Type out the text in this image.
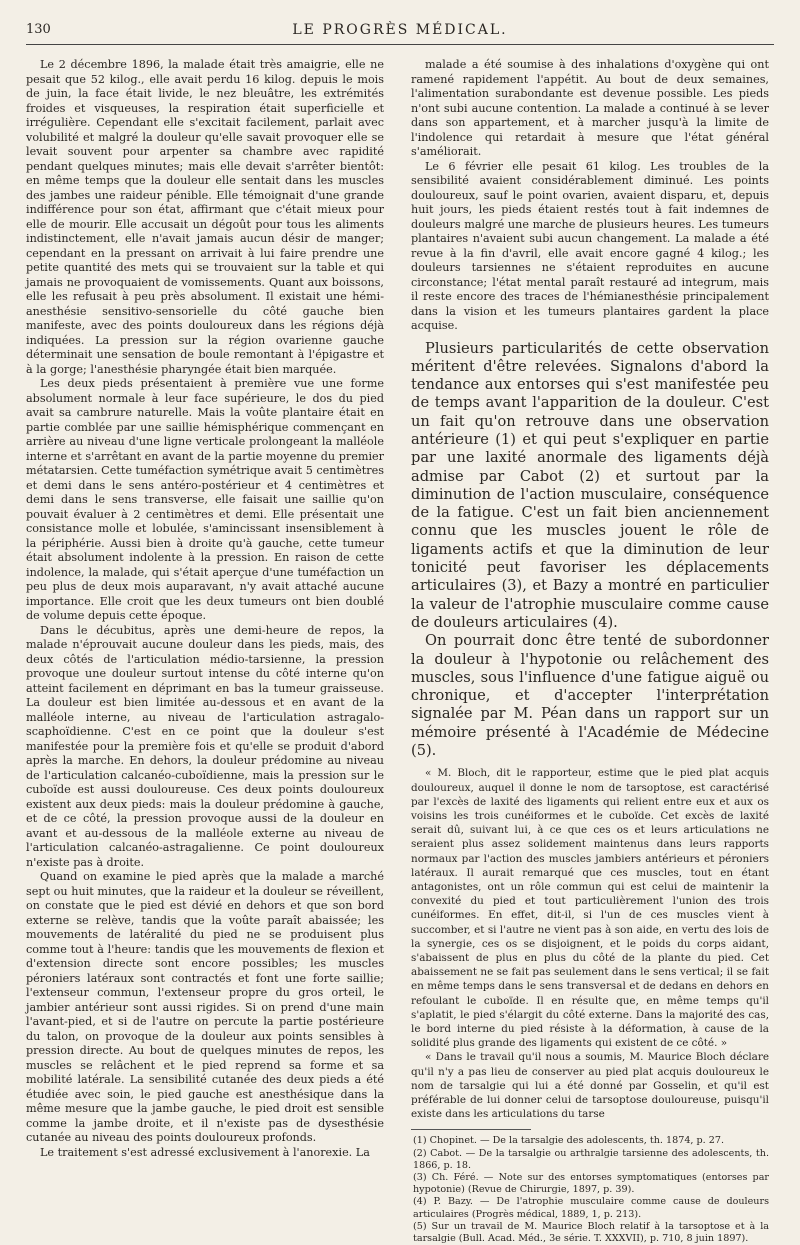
130	LE PROGRÈS MÉDICAL.

Le 2 décembre 1896, la malade était très amaigrie, elle ne pesait que 52 kilog., elle avait perdu 16 kilog. depuis le mois de juin, la face était livide, le nez bleuâtre, les extrémités froides et visqueuses, la respiration était superficielle et irrégulière. Cependant elle s'excitait facilement, parlait avec volubilité et malgré la douleur qu'elle savait provoquer elle se levait souvent pour arpenter sa chambre avec rapidité pendant quelques minutes; mais elle devait s'arrêter bientôt: en même temps que la douleur elle sentait dans les muscles des jambes une raideur pénible. Elle témoignait d'une grande indifférence pour son état, affirmant que c'était mieux pour elle de mourir. Elle accusait un dégoût pour tous les aliments indistinctement, elle n'avait jamais aucun désir de manger; cependant en la pressant on arrivait à lui faire prendre une petite quantité des mets qui se trouvaient sur la table et qui jamais ne provoquaient de vomissements. Quant aux boissons, elle les refusait à peu près absolument. Il existait une hémi-anesthésie sensitivo-sensorielle du côté gauche bien manifeste, avec des points douloureux dans les régions déjà indiquées. La pression sur la région ovarienne gauche déterminait une sensation de boule remontant à l'épigastre et à la gorge; l'anesthésie pharyngée était bien marquée.

Les deux pieds présentaient à première vue une forme absolument normale à leur face supérieure, le dos du pied avait sa cambrure naturelle. Mais la voûte plantaire était en partie comblée par une saillie hémisphérique commençant en arrière au niveau d'une ligne verticale prolongeant la malléole interne et s'arrêtant en avant de la partie moyenne du premier métatarsien. Cette tuméfaction symétrique avait 5 centimètres et demi dans le sens antéro-postérieur et 4 centimètres et demi dans le sens transverse, elle faisait une saillie qu'on pouvait évaluer à 2 centimètres et demi. Elle présentait une consistance molle et lobulée, s'amincissant insensiblement à la périphérie. Aussi bien à droite qu'à gauche, cette tumeur était absolument indolente à la pression. En raison de cette indolence, la malade, qui s'était aperçue d'une tuméfaction un peu plus de deux mois auparavant, n'y avait attaché aucune importance. Elle croit que les deux tumeurs ont bien doublé de volume depuis cette époque.

Dans le décubitus, après une demi-heure de repos, la malade n'éprouvait aucune douleur dans les pieds, mais, des deux côtés de l'articulation médio-tarsienne, la pression provoque une douleur surtout intense du côté interne qu'on atteint facilement en déprimant en bas la tumeur graisseuse. La douleur est bien limitée au-dessous et en avant de la malléole interne, au niveau de l'articulation astragalo-scaphoïdienne. C'est en ce point que la douleur s'est manifestée pour la première fois et qu'elle se produit d'abord après la marche. En dehors, la douleur prédomine au niveau de l'articulation calcanéo-cuboïdienne, mais la pression sur le cuboïde est aussi douloureuse. Ces deux points douloureux existent aux deux pieds: mais la douleur prédomine à gauche, et de ce côté, la pression provoque aussi de la douleur en avant et au-dessous de la malléole externe au niveau de l'articulation calcanéo-astragalienne. Ce point douloureux n'existe pas à droite.

Quand on examine le pied après que la malade a marché sept ou huit minutes, que la raideur et la douleur se réveillent, on constate que le pied est dévié en dehors et que son bord externe se relève, tandis que la voûte paraît abaissée; les mouvements de latéralité du pied ne se produisent plus comme tout à l'heure: tandis que les mouvements de flexion et d'extension directe sont encore possibles; les muscles péroniers latéraux sont contractés et font une forte saillie; l'extenseur commun, l'extenseur propre du gros orteil, le jambier antérieur sont aussi rigides. Si on prend d'une main l'avant-pied, et si de l'autre on percute la partie postérieure du talon, on provoque de la douleur aux points sensibles à pression directe. Au bout de quelques minutes de repos, les muscles se relâchent et le pied reprend sa forme et sa mobilité latérale. La sensibilité cutanée des deux pieds a été étudiée avec soin, le pied gauche est anesthésique dans la même mesure que la jambe gauche, le pied droit est sensible comme la jambe droite, et il n'existe pas de dysesthésie cutanée au niveau des points douloureux profonds.

Le traitement s'est adressé exclusivement à l'anorexie. La

malade a été soumise à des inhalations d'oxygène qui ont ramené rapidement l'appétit. Au bout de deux semaines, l'alimentation surabondante est devenue possible. Les pieds n'ont subi aucune contention. La malade a continué à se lever dans son appartement, et à marcher jusqu'à la limite de l'indolence qui retardait à mesure que l'état général s'améliorait.

Le 6 février elle pesait 61 kilog. Les troubles de la sensibilité avaient considérablement diminué. Les points douloureux, sauf le point ovarien, avaient disparu, et, depuis huit jours, les pieds étaient restés tout à fait indemnes de douleurs malgré une marche de plusieurs heures. Les tumeurs plantaires n'avaient subi aucun changement. La malade a été revue à la fin d'avril, elle avait encore gagné 4 kilog.; les douleurs tarsiennes ne s'étaient reproduites en aucune circonstance; l'état mental paraît restauré ad integrum, mais il reste encore des traces de l'hémianesthésie principalement dans la vision et les tumeurs plantaires gardent la place acquise.

Plusieurs particularités de cette observation méritent d'être relevées. Signalons d'abord la tendance aux entorses qui s'est manifestée peu de temps avant l'apparition de la douleur. C'est un fait qu'on retrouve dans une observation antérieure (1) et qui peut s'expliquer en partie par une laxité anormale des ligaments déjà admise par Cabot (2) et surtout par la diminution de l'action musculaire, conséquence de la fatigue. C'est un fait bien anciennement connu que les muscles jouent le rôle de ligaments actifs et que la diminution de leur tonicité peut favoriser les déplacements articulaires (3), et Bazy a montré en particulier la valeur de l'atrophie musculaire comme cause de douleurs articulaires (4).

On pourrait donc être tenté de subordonner la douleur à l'hypotonie ou relâchement des muscles, sous l'influence d'une fatigue aiguë ou chronique, et d'accepter l'interprétation signalée par M. Péan dans un rapport sur un mémoire présenté à l'Académie de Médecine (5).

« M. Bloch, dit le rapporteur, estime que le pied plat acquis douloureux, auquel il donne le nom de tarsoptose, est caractérisé par l'excès de laxité des ligaments qui relient entre eux et aux os voisins les trois cunéiformes et le cuboïde. Cet excès de laxité serait dû, suivant lui, à ce que ces os et leurs articulations ne seraient plus assez solidement maintenus dans leurs rapports normaux par l'action des muscles jambiers antérieurs et péroniers latéraux. Il aurait remarqué que ces muscles, tout en étant antagonistes, ont un rôle commun qui est celui de maintenir la convexité du pied et tout particulièrement l'union des trois cunéiformes. En effet, dit-il, si l'un de ces muscles vient à succomber, et si l'autre ne vient pas à son aide, en vertu des lois de la synergie, ces os se disjoignent, et le poids du corps aidant, s'abaissent de plus en plus du côté de la plante du pied. Cet abaissement ne se fait pas seulement dans le sens vertical; il se fait en même temps dans le sens transversal et de dedans en dehors en refoulant le cuboïde. Il en résulte que, en même temps qu'il s'aplatit, le pied s'élargit du côté externe. Dans la majorité des cas, le bord interne du pied résiste à la déformation, à cause de la solidité plus grande des ligaments qui existent de ce côté. »

« Dans le travail qu'il nous a soumis, M. Maurice Bloch déclare qu'il n'y a pas lieu de conserver au pied plat acquis douloureux le nom de tarsalgie qui lui a été donné par Gosselin, et qu'il est préférable de lui donner celui de tarsoptose douloureuse, puisqu'il existe dans les articulations du tarse

(1) Chopinet. — De la tarsalgie des adolescents, th. 1874, p. 27.
(2) Cabot. — De la tarsalgie ou arthralgie tarsienne des adolescents, th. 1866, p. 18.
(3) Ch. Féré. — Note sur des entorses symptomatiques (entorses par hypotonie) (Revue de Chirurgie, 1897, p. 39).
(4) P. Bazy. — De l'atrophie musculaire comme cause de douleurs articulaires (Progrès médical, 1889, 1, p. 213).
(5) Sur un travail de M. Maurice Bloch relatif à la tarsoptose et à la tarsalgie (Bull. Acad. Méd., 3e série. T. XXXVII), p. 710, 8 juin 1897).
